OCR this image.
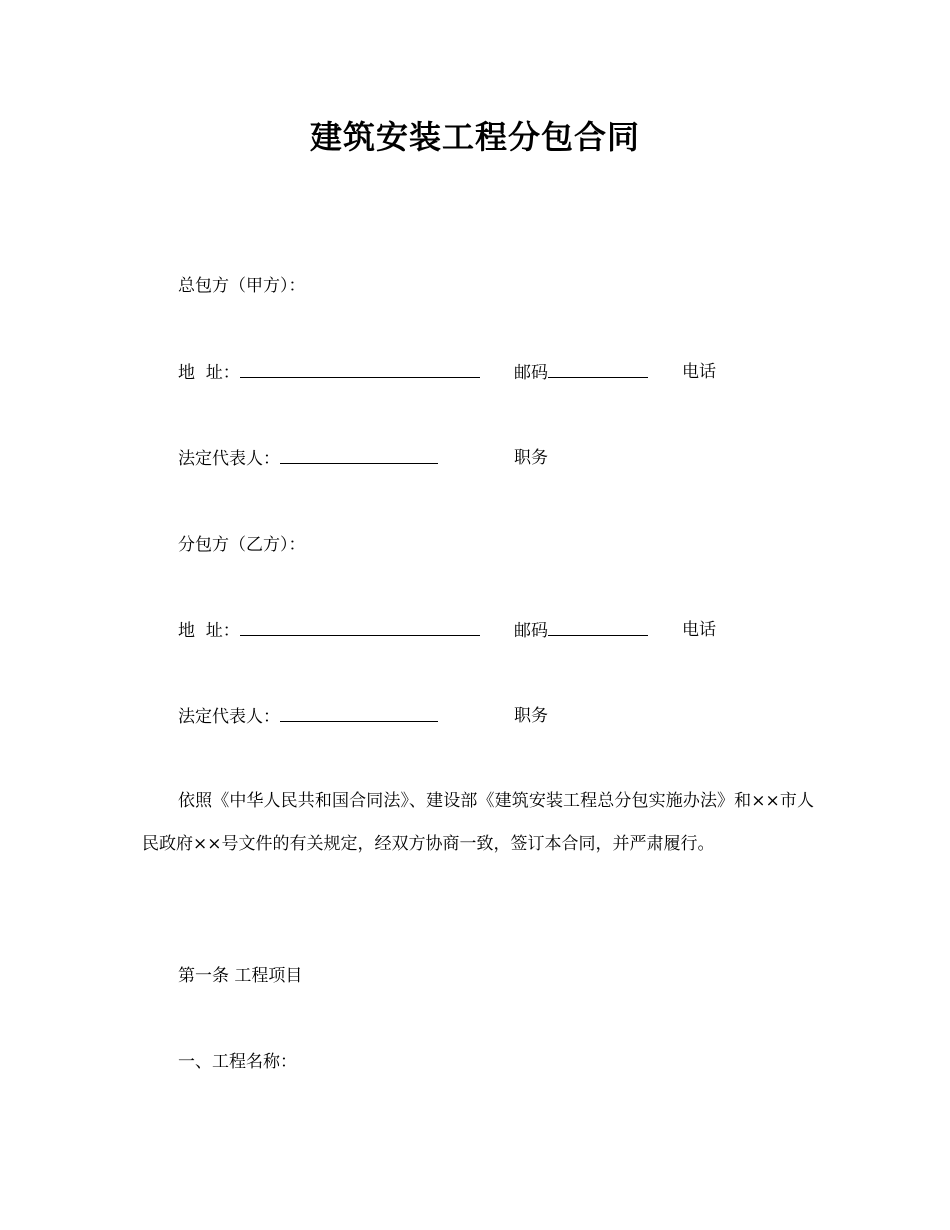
建筑安装工程分包合同
总包方（甲方）：
地  址：	邮码	电话
法定代表人：	职务
分包方（乙方）：
地  址：	邮码	电话
法定代表人：	职务
依照《中华人民共和国合同法》、建设部《建筑安装工程总分包实施办法》和××市人民政府××号文件的有关规定，经双方协商一致，签订本合同，并严肃履行。
第一条 工程项目
一、工程名称：
